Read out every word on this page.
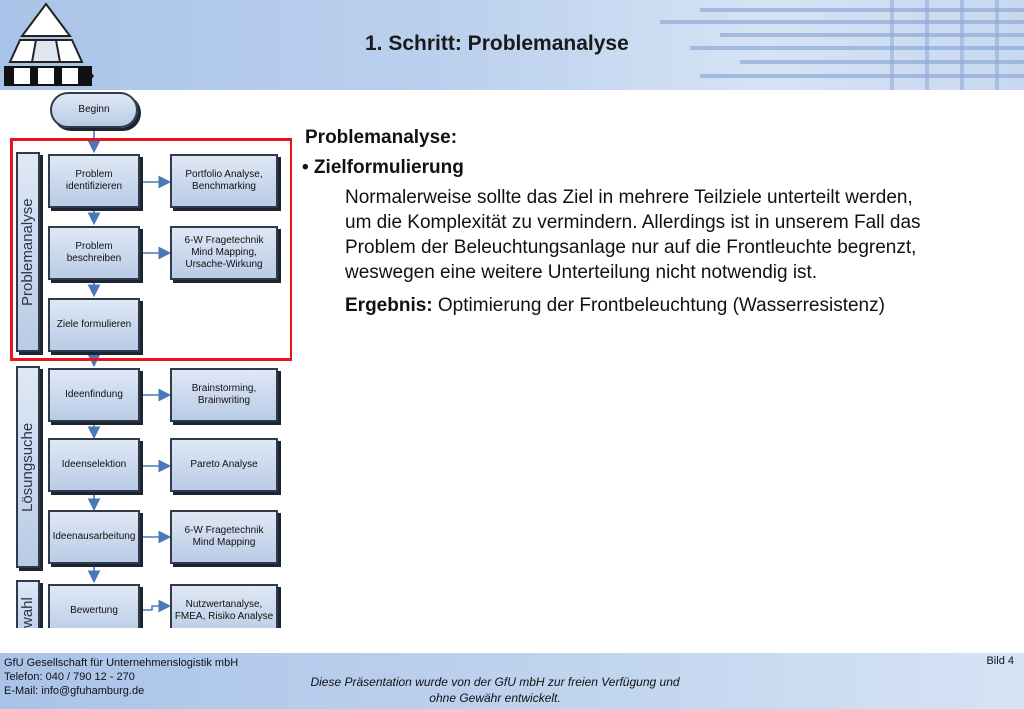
1. Schritt: Problemanalyse
Beginn
Problemanalyse
Lösungsuche
wahl
Problem identifizieren
Portfolio Analyse, Benchmarking
Problem beschreiben
6-W Fragetechnik Mind Mapping, Ursache-Wirkung
Ziele formulieren
Ideenfindung
Brainstorming, Brainwriting
Ideenselektion	Pareto Analyse
Ideenausarbeitung
6-W Fragetechnik Mind Mapping
Bewertung
Nutzwertanalyse, FMEA, Risiko Analyse

Problemanalyse:

• Zielformulierung

Normalerweise sollte das Ziel in mehrere Teilziele unterteilt werden,

um die Komplexität zu vermindern. Allerdings ist in unserem Fall das

Problem der Beleuchtungsanlage nur auf die Frontleuchte begrenzt,

weswegen eine weitere Unterteilung nicht notwendig ist.

Ergebnis: Optimierung der Frontbeleuchtung (Wasserresistenz)

GfU Gesellschaft für Unternehmenslogistik mbH
Telefon: 040 / 790 12 - 270
E-Mail: info@gfuhamburg.de
Diese Präsentation wurde von der GfU mbH zur freien Verfügung und
ohne Gewähr entwickelt.
Bild 4
